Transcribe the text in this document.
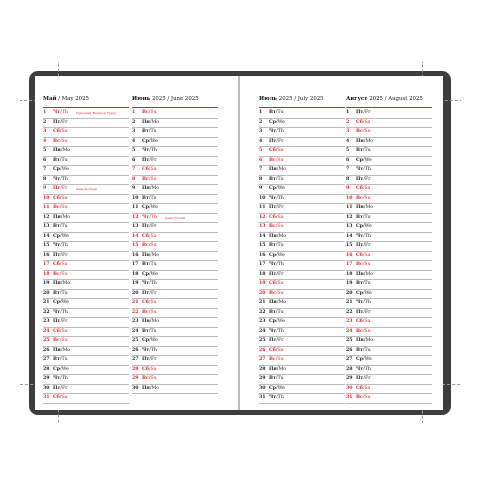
Май / May 2025
1 Чт/Th	Праздник Весны и Труда
2 Пт/Fr
3 Сб/Sa
4 Вс/Su
5 Пн/Mo
6 Вт/Tu
7 Ср/We
8 Чт/Th
9 Пт/Fr	День Победы
10 Сб/Sa
11 Вс/Su
12 Пн/Mo
13 Вт/Tu
14 Ср/We
15 Чт/Th
16 Пт/Fr
17 Сб/Sa
18 Вс/Su
19 Пн/Mo
20 Вт/Tu
21 Ср/We
22 Чт/Th
23 Пт/Fr
24 Сб/Sa
25 Вс/Su
26 Пн/Mo
27 Вт/Tu
28 Ср/We
29 Чт/Th
30 Пт/Fr
31 Сб/Sa
Июнь 2025 / June 2025
1 Вс/Su
2 Пн/Mo
3 Вт/Tu
4 Ср/We
5 Чт/Th
6 Пт/Fr
7 Сб/Sa
8 Вс/Su
9 Пн/Mo
10 Вт/Tu
11 Ср/We
12 Чт/Th	День России
13 Пт/Fr
14 Сб/Sa
15 Вс/Su
16 Пн/Mo
17 Вт/Tu
18 Ср/We
19 Чт/Th
20 Пт/Fr
21 Сб/Sa
22 Вс/Su
23 Пн/Mo
24 Вт/Tu
25 Ср/We
26 Чт/Th
27 Пт/Fr
28 Сб/Sa
29 Вс/Su
30 Пн/Mo
Июль 2025 / July 2025
1 Вт/Tu
2 Ср/We
3 Чт/Th
4 Пт/Fr
5 Сб/Sa
6 Вс/Su
7 Пн/Mo
8 Вт/Tu
9 Ср/We
10 Чт/Th
11 Пт/Fr
12 Сб/Sa
13 Вс/Su
14 Пн/Mo
15 Вт/Tu
16 Ср/We
17 Чт/Th
18 Пт/Fr
19 Сб/Sa
20 Вс/Su
21 Пн/Mo
22 Вт/Tu
23 Ср/We
24 Чт/Th
25 Пт/Fr
26 Сб/Sa
27 Вс/Su
28 Пн/Mo
29 Вт/Tu
30 Ср/We
31 Чт/Th
Август 2025 / August 2025
1 Пт/Fr
2 Сб/Sa
3 Вс/Su
4 Пн/Mo
5 Вт/Tu
6 Ср/We
7 Чт/Th
8 Пт/Fr
9 Сб/Sa
10 Вс/Su
11 Пн/Mo
12 Вт/Tu
13 Ср/We
14 Чт/Th
15 Пт/Fr
16 Сб/Sa
17 Вс/Su
18 Пн/Mo
19 Вт/Tu
20 Ср/We
21 Чт/Th
22 Пт/Fr
23 Сб/Sa
24 Вс/Su
25 Пн/Mo
26 Вт/Tu
27 Ср/We
28 Чт/Th
29 Пт/Fr
30 Сб/Sa
31 Вс/Su
